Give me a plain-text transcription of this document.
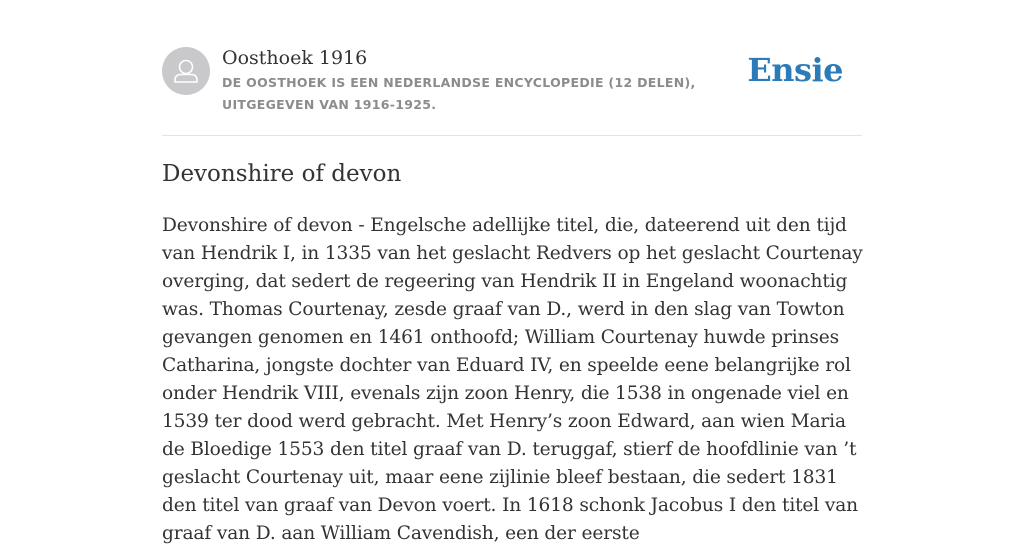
Oosthoek 1916
DE OOSTHOEK IS EEN NEDERLANDSE ENCYCLOPEDIE (12 DELEN), UITGEGEVEN VAN 1916-1925.
Ensie
Devonshire of devon

Devonshire of devon - Engelsche adellijke titel, die, dateerend uit den tijd van Hendrik I, in 1335 van het geslacht Redvers op het geslacht Courtenay overging, dat sedert de regeering van Hendrik II in Engeland woonachtig was. Thomas Courtenay, zesde graaf van D., werd in den slag van Towton gevangen genomen en 1461 onthoofd; William Courtenay huwde prinses Catharina, jongste dochter van Eduard IV, en speelde eene belangrijke rol onder Hendrik VIII, evenals zijn zoon Henry, die 1538 in ongenade viel en 1539 ter dood werd gebracht. Met Henry’s zoon Edward, aan wien Maria de Bloedige 1553 den titel graaf van D. teruggaf, stierf de hoofdlinie van ’t geslacht Courtenay uit, maar eene zijlinie bleef bestaan, die sedert 1831 den titel van graaf van Devon voert. In 1618 schonk Jacobus I den titel van graaf van D. aan William Cavendish, een der eerste
